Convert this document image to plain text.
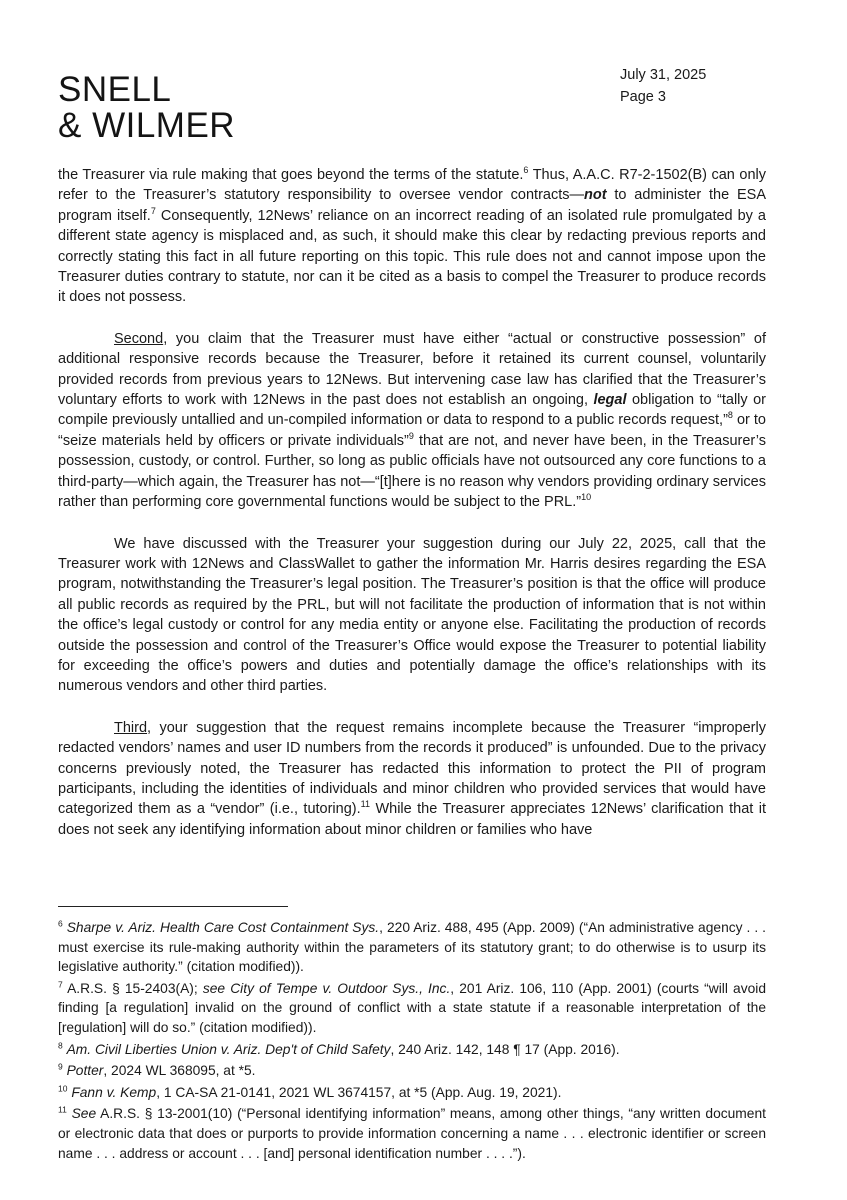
SNELL
& WILMER
July 31, 2025
Page 3

the Treasurer via rule making that goes beyond the terms of the statute.$^6$ Thus, A.A.C. R7-2-1502(B) can only refer to the Treasurer’s statutory responsibility to oversee vendor contracts—not to administer the ESA program itself.$^7$ Consequently, 12News’ reliance on an incorrect reading of an isolated rule promulgated by a different state agency is misplaced and, as such, it should make this clear by redacting previous reports and correctly stating this fact in all future reporting on this topic. This rule does not and cannot impose upon the Treasurer duties contrary to statute, nor can it be cited as a basis to compel the Treasurer to produce records it does not possess.

Second, you claim that the Treasurer must have either “actual or constructive possession” of additional responsive records because the Treasurer, before it retained its current counsel, voluntarily provided records from previous years to 12News. But intervening case law has clarified that the Treasurer’s voluntary efforts to work with 12News in the past does not establish an ongoing, legal obligation to “tally or compile previously untallied and un-compiled information or data to respond to a public records request,”$^8$ or to “seize materials held by officers or private individuals”$^9$ that are not, and never have been, in the Treasurer’s possession, custody, or control. Further, so long as public officials have not outsourced any core functions to a third-party—which again, the Treasurer has not—“[t]here is no reason why vendors providing ordinary services rather than performing core governmental functions would be subject to the PRL.”$^{10}$

We have discussed with the Treasurer your suggestion during our July 22, 2025, call that the Treasurer work with 12News and ClassWallet to gather the information Mr. Harris desires regarding the ESA program, notwithstanding the Treasurer’s legal position. The Treasurer’s position is that the office will produce all public records as required by the PRL, but will not facilitate the production of information that is not within the office’s legal custody or control for any media entity or anyone else. Facilitating the production of records outside the possession and control of the Treasurer’s Office would expose the Treasurer to potential liability for exceeding the office’s powers and duties and potentially damage the office’s relationships with its numerous vendors and other third parties.

Third, your suggestion that the request remains incomplete because the Treasurer “improperly redacted vendors’ names and user ID numbers from the records it produced” is unfounded. Due to the privacy concerns previously noted, the Treasurer has redacted this information to protect the PII of program participants, including the identities of individuals and minor children who provided services that would have categorized them as a “vendor” (i.e., tutoring).$^{11}$ While the Treasurer appreciates 12News’ clarification that it does not seek any identifying information about minor children or families who have

$^6$ Sharpe v. Ariz. Health Care Cost Containment Sys., 220 Ariz. 488, 495 (App. 2009) (“An administrative agency . . . must exercise its rule-making authority within the parameters of its statutory grant; to do otherwise is to usurp its legislative authority.” (citation modified)).
$^7$ A.R.S. § 15-2403(A); see City of Tempe v. Outdoor Sys., Inc., 201 Ariz. 106, 110 (App. 2001) (courts “will avoid finding [a regulation] invalid on the ground of conflict with a state statute if a reasonable interpretation of the [regulation] will do so.” (citation modified)).
$^8$ Am. Civil Liberties Union v. Ariz. Dep't of Child Safety, 240 Ariz. 142, 148 ¶ 17 (App. 2016).
$^9$ Potter, 2024 WL 368095, at *5.
$^{10}$ Fann v. Kemp, 1 CA-SA 21-0141, 2021 WL 3674157, at *5 (App. Aug. 19, 2021).
$^{11}$ See A.R.S. § 13-2001(10) (“Personal identifying information” means, among other things, “any written document or electronic data that does or purports to provide information concerning a name . . . electronic identifier or screen name . . . address or account . . . [and] personal identification number . . . .”).
